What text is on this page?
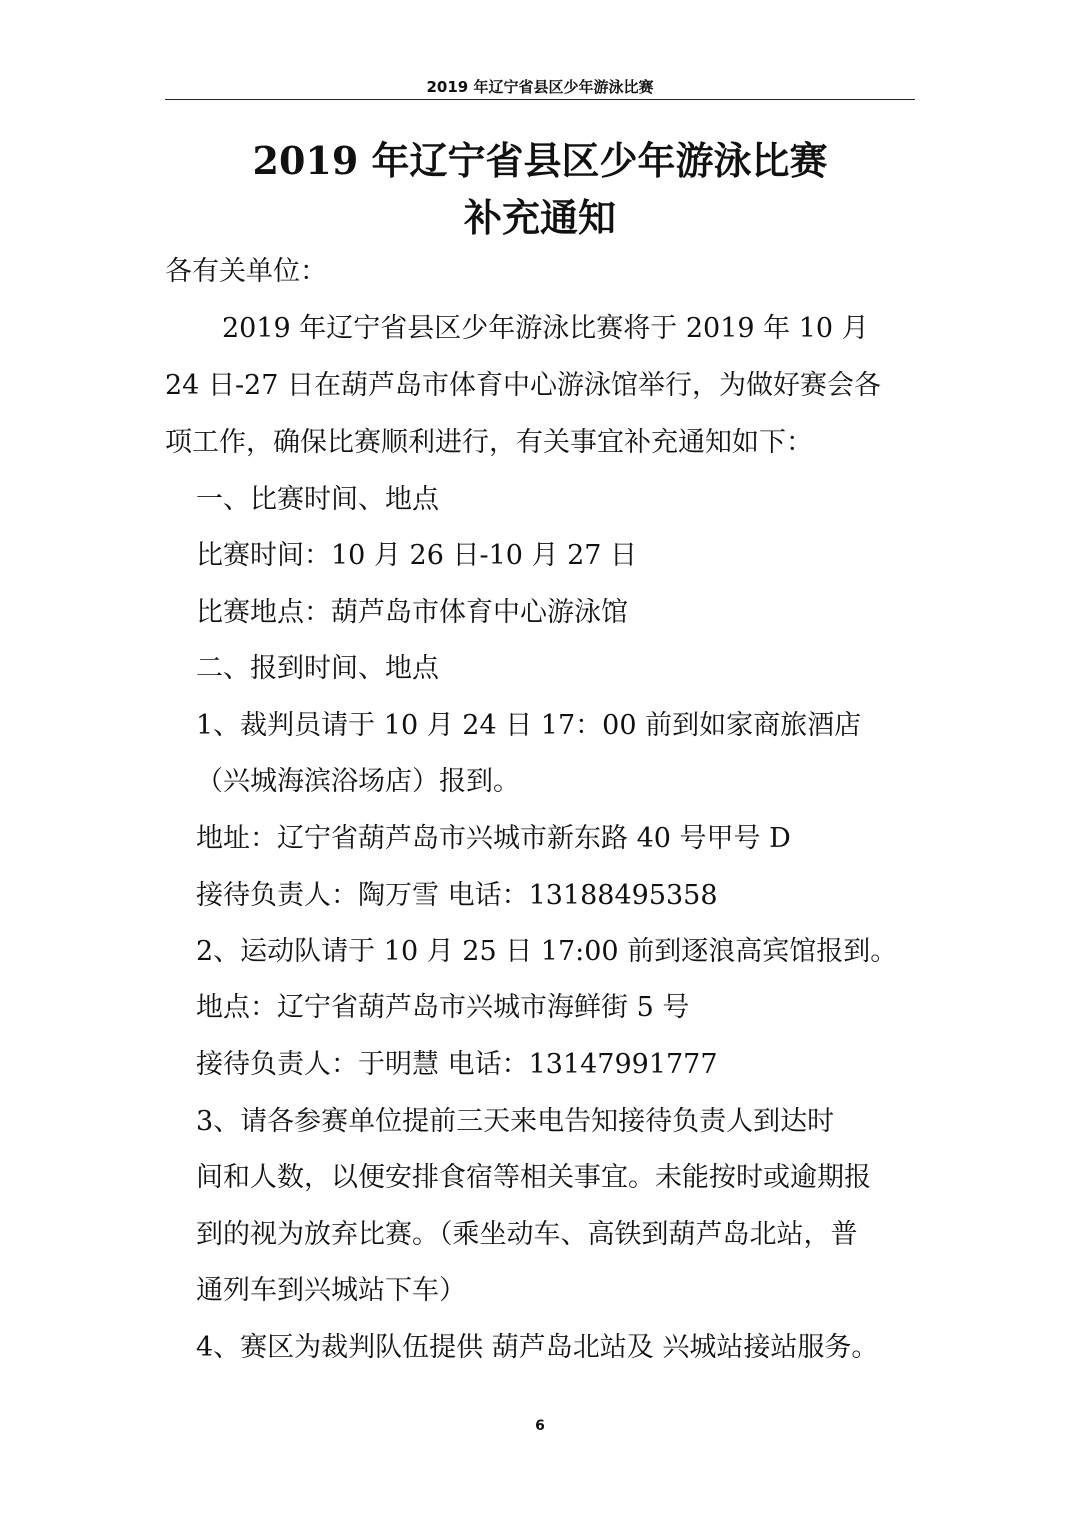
2019 年辽宁省县区少年游泳比赛
2019 年辽宁省县区少年游泳比赛
补充通知
各有关单位：
2019 年辽宁省县区少年游泳比赛将于 2019 年 10 月
24 日-27 日在葫芦岛市体育中心游泳馆举行，为做好赛会各
项工作，确保比赛顺利进行，有关事宜补充通知如下：
一、比赛时间、地点
比赛时间：10 月 26 日-10 月 27 日
比赛地点：葫芦岛市体育中心游泳馆
二、报到时间、地点
1、裁判员请于 10 月 24 日 17：00 前到如家商旅酒店
（兴城海滨浴场店）报到。
地址：辽宁省葫芦岛市兴城市新东路 40 号甲号 D
接待负责人：陶万雪 电话：13188495358
2、运动队请于 10 月 25 日 17:00 前到逐浪高宾馆报到。
地点：辽宁省葫芦岛市兴城市海鲜街 5 号
接待负责人：于明慧 电话：13147991777
3、请各参赛单位提前三天来电告知接待负责人到达时
间和人数，以便安排食宿等相关事宜。未能按时或逾期报
到的视为放弃比赛。（乘坐动车、高铁到葫芦岛北站，普
通列车到兴城站下车）
4、赛区为裁判队伍提供 葫芦岛北站及 兴城站接站服务。
6
